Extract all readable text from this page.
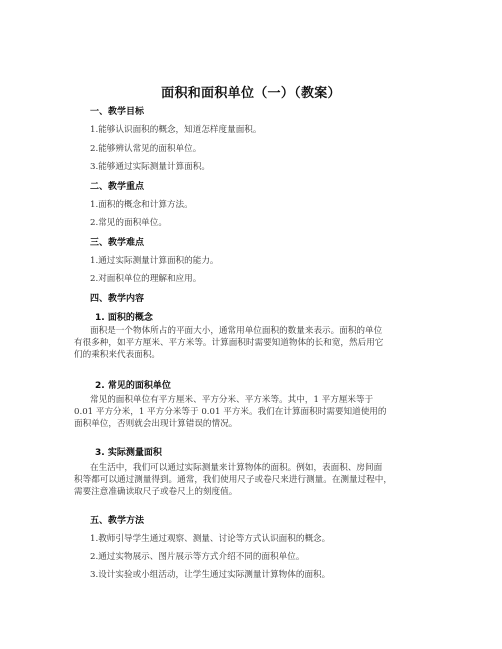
面积和面积单位（一）（教案）
一、教学目标
1.能够认识面积的概念，知道怎样度量面积。
2.能够辨认常见的面积单位。
3.能够通过实际测量计算面积。
二、教学重点
1.面积的概念和计算方法。
2.常见的面积单位。
三、教学难点
1.通过实际测量计算面积的能力。
2.对面积单位的理解和应用。
四、教学内容
1. 面积的概念
面积是一个物体所占的平面大小，通常用单位面积的数量来表示。面积的单位
有很多种，如平方厘米、平方米等。计算面积时需要知道物体的长和宽，然后用它
们的乘积来代表面积。
2. 常见的面积单位
常见的面积单位有平方厘米、平方分米、平方米等。其中，1 平方厘米等于
0.01 平方分米，1 平方分米等于 0.01 平方米。我们在计算面积时需要知道使用的
面积单位，否则就会出现计算错误的情况。
3. 实际测量面积
在生活中，我们可以通过实际测量来计算物体的面积。例如，表面积、房间面
积等都可以通过测量得到。通常，我们使用尺子或卷尺来进行测量。在测量过程中，
需要注意准确读取尺子或卷尺上的刻度值。
五、教学方法
1.教师引导学生通过观察、测量、讨论等方式认识面积的概念。
2.通过实物展示、图片展示等方式介绍不同的面积单位。
3.设计实验或小组活动，让学生通过实际测量计算物体的面积。
